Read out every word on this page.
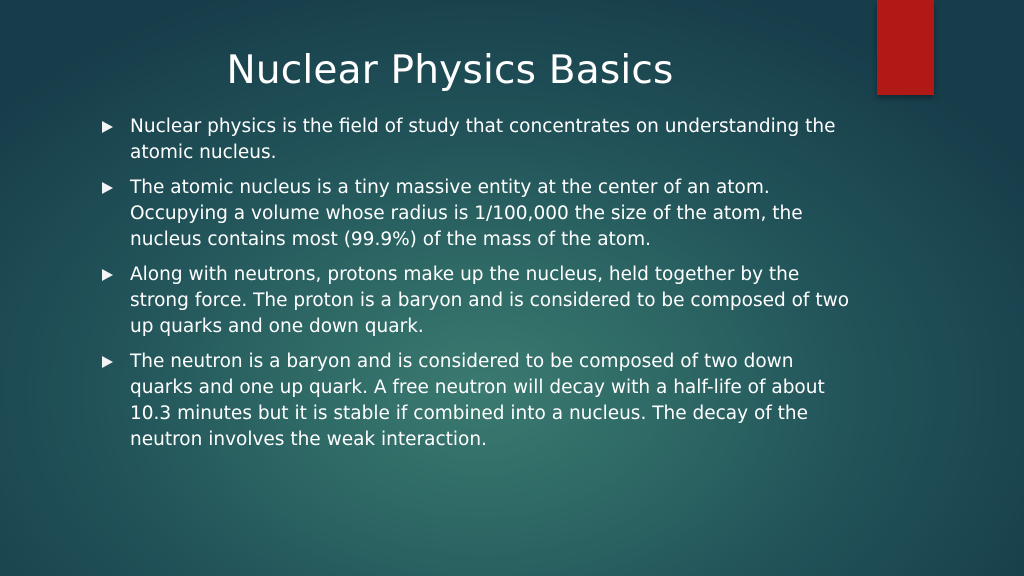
Nuclear Physics Basics
Nuclear physics is the field of study that concentrates on understanding the atomic nucleus.
The atomic nucleus is a tiny massive entity at the center of an atom. Occupying a volume whose radius is 1/100,000 the size of the atom, the nucleus contains most (99.9%) of the mass of the atom.
Along with neutrons, protons make up the nucleus, held together by the strong force. The proton is a baryon and is considered to be composed of two up quarks and one down quark.
The neutron is a baryon and is considered to be composed of two down quarks and one up quark. A free neutron will decay with a half-life of about 10.3 minutes but it is stable if combined into a nucleus. The decay of the neutron involves the weak interaction.
